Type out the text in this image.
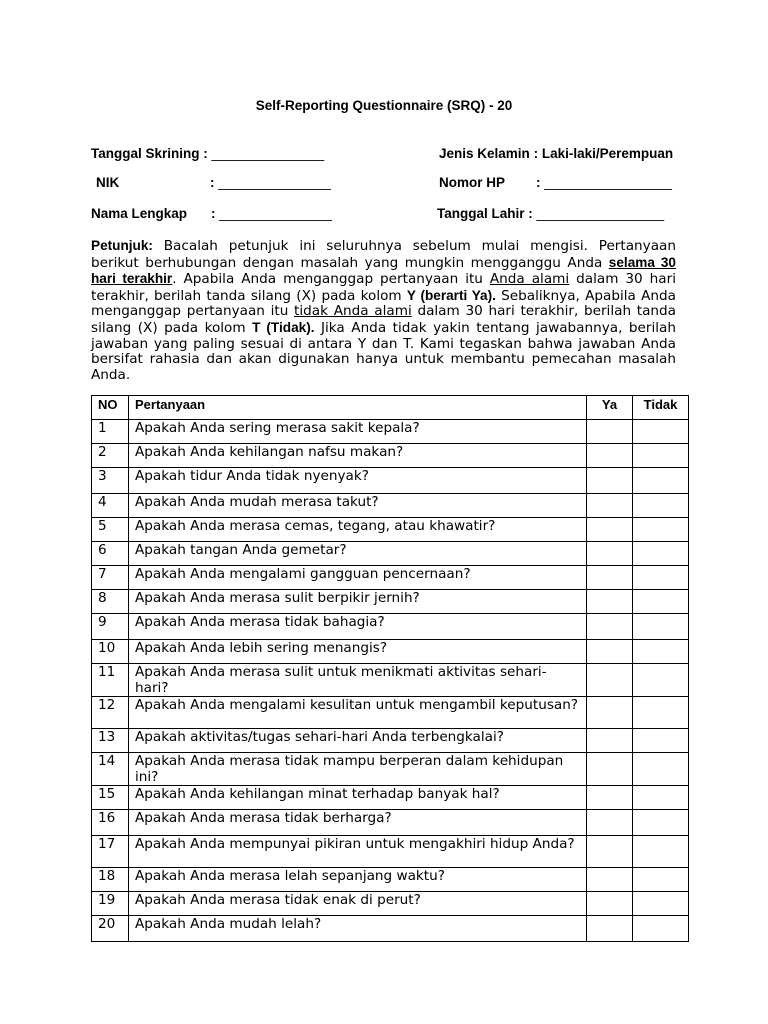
Self-Reporting Questionnaire (SRQ) - 20
Tanggal Skrining : _______________	Jenis Kelamin : Laki-laki/Perempuan
NIK	: _______________	Nomor HP : _________________
Nama Lengkap : _______________	Tanggal Lahir : _________________
Petunjuk: Bacalah petunjuk ini seluruhnya sebelum mulai mengisi. Pertanyaan berikut berhubungan dengan masalah yang mungkin mengganggu Anda selama 30 hari terakhir. Apabila Anda menganggap pertanyaan itu Anda alami dalam 30 hari terakhir, berilah tanda silang (X) pada kolom Y (berarti Ya). Sebaliknya, Apabila Anda menganggap pertanyaan itu tidak Anda alami dalam 30 hari terakhir, berilah tanda silang (X) pada kolom T (Tidak). Jika Anda tidak yakin tentang jawabannya, berilah jawaban yang paling sesuai di antara Y dan T. Kami tegaskan bahwa jawaban Anda bersifat rahasia dan akan digunakan hanya untuk membantu pemecahan masalah Anda.
NO	Pertanyaan	Ya	Tidak
1	Apakah Anda sering merasa sakit kepala?		
2	Apakah Anda kehilangan nafsu makan?		
3	Apakah tidur Anda tidak nyenyak?		
4	Apakah Anda mudah merasa takut?		
5	Apakah Anda merasa cemas, tegang, atau khawatir?		
6	Apakah tangan Anda gemetar?		
7	Apakah Anda mengalami gangguan pencernaan?		
8	Apakah Anda merasa sulit berpikir jernih?		
9	Apakah Anda merasa tidak bahagia?		
10	Apakah Anda lebih sering menangis?		
11	Apakah Anda merasa sulit untuk menikmati aktivitas sehari-hari?		
12	Apakah Anda mengalami kesulitan untuk mengambil keputusan?		
13	Apakah aktivitas/tugas sehari-hari Anda terbengkalai?		
14	Apakah Anda merasa tidak mampu berperan dalam kehidupan ini?		
15	Apakah Anda kehilangan minat terhadap banyak hal?		
16	Apakah Anda merasa tidak berharga?		
17	Apakah Anda mempunyai pikiran untuk mengakhiri hidup Anda?		
18	Apakah Anda merasa lelah sepanjang waktu?		
19	Apakah Anda merasa tidak enak di perut?		
20	Apakah Anda mudah lelah?		
